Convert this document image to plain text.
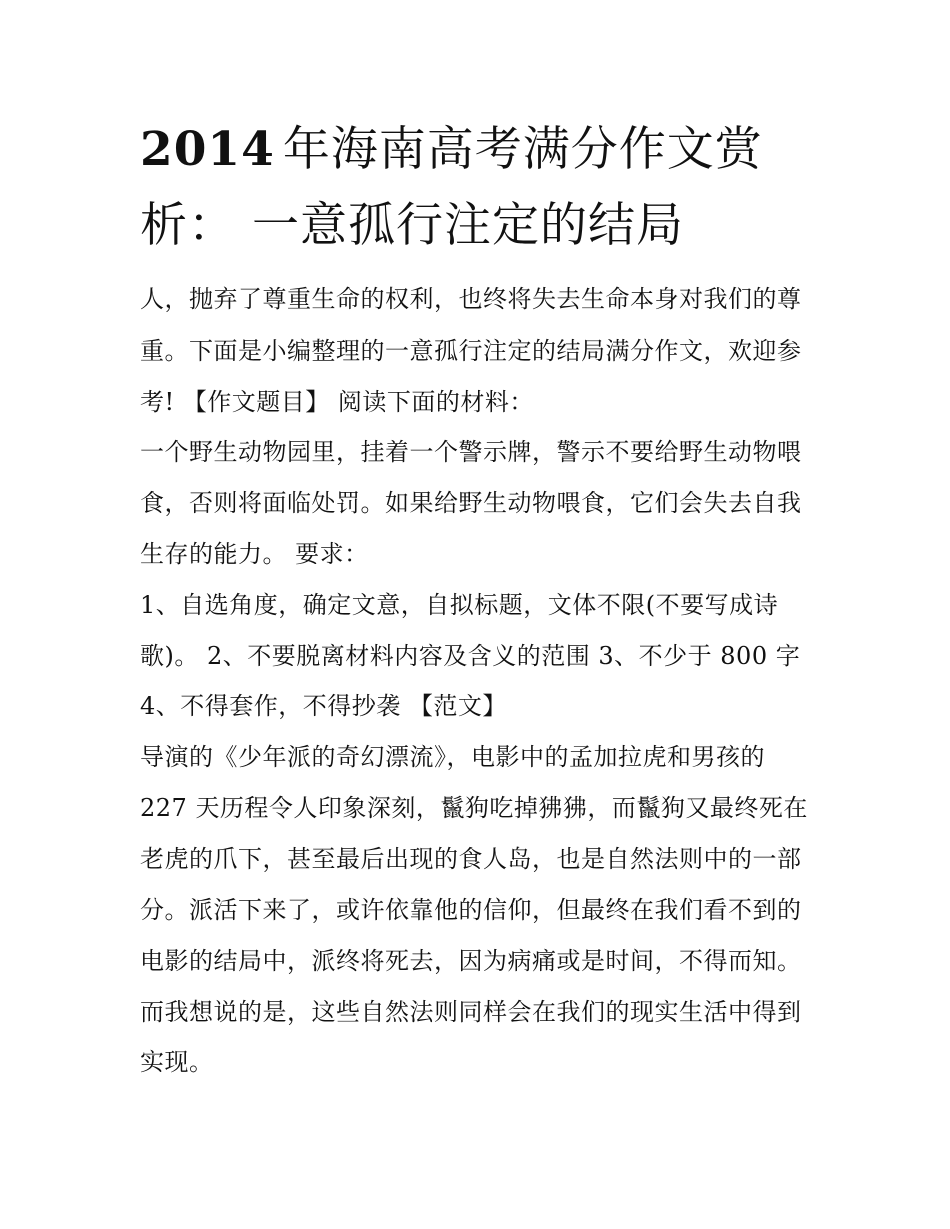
2014 年海南高考满分作文赏
析： 一意孤行注定的结局

人，抛弃了尊重生命的权利，也终将失去生命本身对我们的尊

重。下面是小编整理的一意孤行注定的结局满分作文，欢迎参

考! 【作文题目】 阅读下面的材料：

一个野生动物园里，挂着一个警示牌，警示不要给野生动物喂

食，否则将面临处罚。如果给野生动物喂食，它们会失去自我

生存的能力。 要求：

1、自选角度，确定文意，自拟标题，文体不限(不要写成诗

歌)。 2、不要脱离材料内容及含义的范围 3、不少于 800 字

4、不得套作，不得抄袭 【范文】

导演的《少年派的奇幻漂流》，电影中的孟加拉虎和男孩的

227 天历程令人印象深刻，鬣狗吃掉狒狒，而鬣狗又最终死在

老虎的爪下，甚至最后出现的食人岛，也是自然法则中的一部

分。派活下来了，或许依靠他的信仰，但最终在我们看不到的

电影的结局中，派终将死去，因为病痛或是时间，不得而知。

而我想说的是，这些自然法则同样会在我们的现实生活中得到

实现。
